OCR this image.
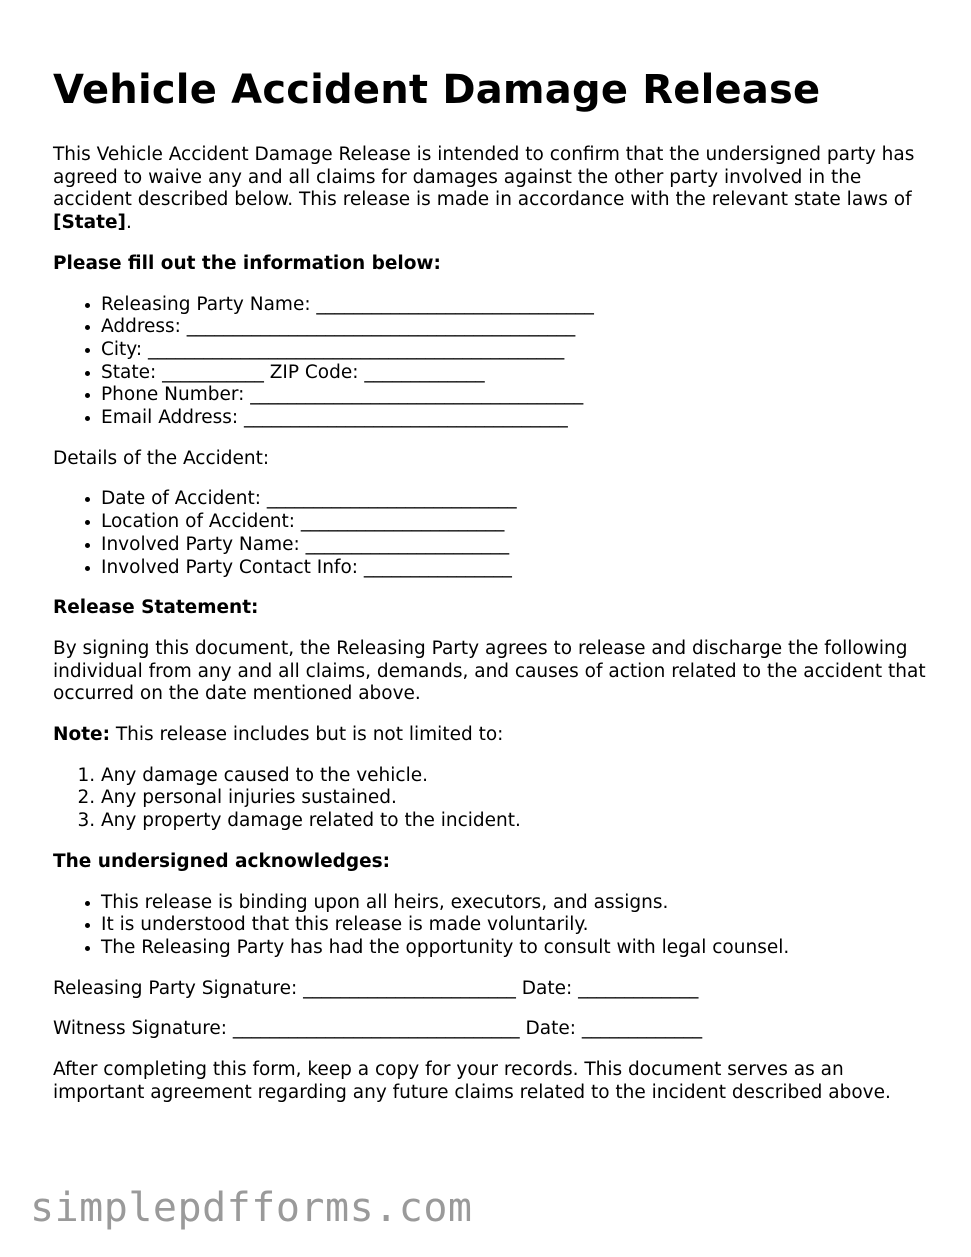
Vehicle Accident Damage Release

This Vehicle Accident Damage Release is intended to confirm that the undersigned party has agreed to waive any and all claims for damages against the other party involved in the accident described below. This release is made in accordance with the relevant state laws of [State].

Please fill out the information below:

• Releasing Party Name: ______________________________
• Address: __________________________________________
• City: _____________________________________________
• State: ___________ ZIP Code: _____________
• Phone Number: ____________________________________
• Email Address: ___________________________________

Details of the Accident:

• Date of Accident: ___________________________
• Location of Accident: ______________________
• Involved Party Name: ______________________
• Involved Party Contact Info: ________________

Release Statement:

By signing this document, the Releasing Party agrees to release and discharge the following individual from any and all claims, demands, and causes of action related to the accident that occurred on the date mentioned above.

Note: This release includes but is not limited to:

1. Any damage caused to the vehicle.
2. Any personal injuries sustained.
3. Any property damage related to the incident.

The undersigned acknowledges:

• This release is binding upon all heirs, executors, and assigns.
• It is understood that this release is made voluntarily.
• The Releasing Party has had the opportunity to consult with legal counsel.

Releasing Party Signature: _______________________ Date: _____________

Witness Signature: _______________________________ Date: _____________

After completing this form, keep a copy for your records. This document serves as an important agreement regarding any future claims related to the incident described above.

simplepdfforms.com
